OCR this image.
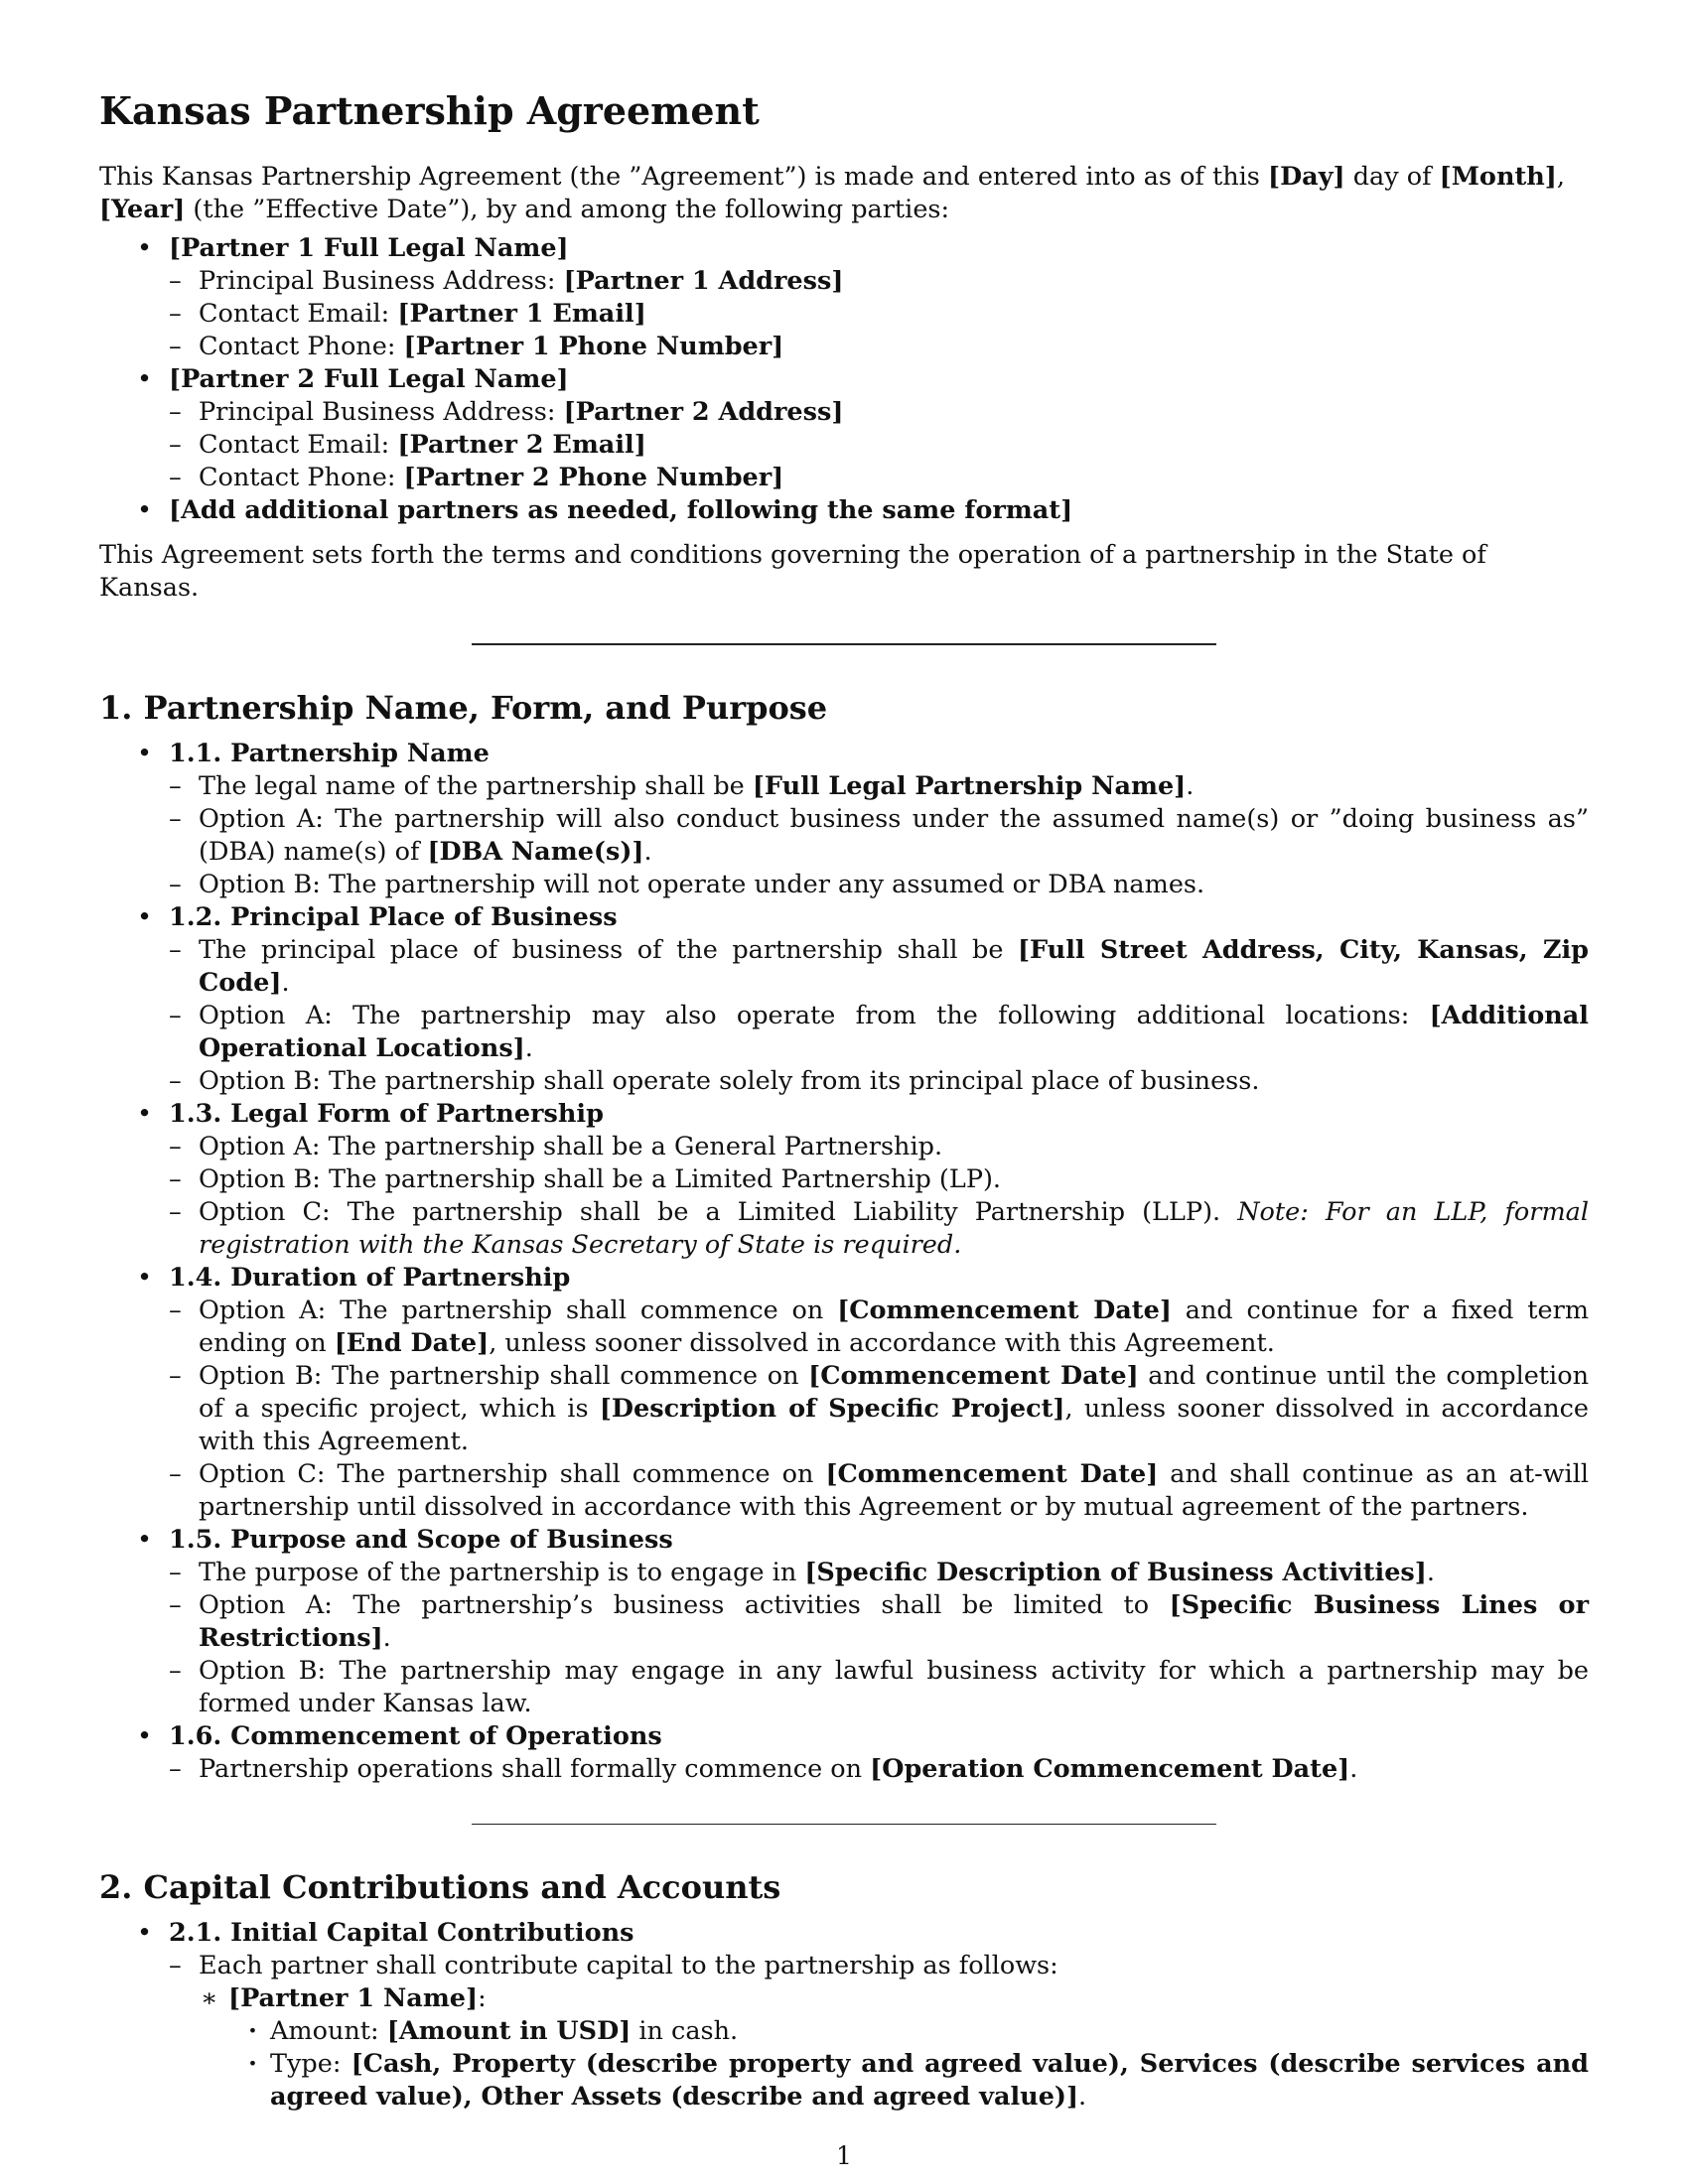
Kansas Partnership Agreement

This Kansas Partnership Agreement (the ”Agreement”) is made and entered into as of this [Day] day of [Month], [Year] (the ”Effective Date”), by and among the following parties:

• [Partner 1 Full Legal Name]
– Principal Business Address: [Partner 1 Address]
– Contact Email: [Partner 1 Email]
– Contact Phone: [Partner 1 Phone Number]
• [Partner 2 Full Legal Name]
– Principal Business Address: [Partner 2 Address]
– Contact Email: [Partner 2 Email]
– Contact Phone: [Partner 2 Phone Number]
• [Add additional partners as needed, following the same format]

This Agreement sets forth the terms and conditions governing the operation of a partnership in the State of Kansas.

1. Partnership Name, Form, and Purpose
• 1.1. Partnership Name
– The legal name of the partnership shall be [Full Legal Partnership Name].
– Option A: The partnership will also conduct business under the assumed name(s) or ”doing business as” (DBA) name(s) of [DBA Name(s)].
– Option B: The partnership will not operate under any assumed or DBA names.
• 1.2. Principal Place of Business
– The principal place of business of the partnership shall be [Full Street Address, City, Kansas, Zip Code].
– Option A: The partnership may also operate from the following additional locations: [Additional Operational Locations].
– Option B: The partnership shall operate solely from its principal place of business.
• 1.3. Legal Form of Partnership
– Option A: The partnership shall be a General Partnership.
– Option B: The partnership shall be a Limited Partnership (LP).
– Option C: The partnership shall be a Limited Liability Partnership (LLP). Note: For an LLP, formal registration with the Kansas Secretary of State is required.
• 1.4. Duration of Partnership
– Option A: The partnership shall commence on [Commencement Date] and continue for a fixed term ending on [End Date], unless sooner dissolved in accordance with this Agreement.
– Option B: The partnership shall commence on [Commencement Date] and continue until the completion of a specific project, which is [Description of Specific Project], unless sooner dissolved in accordance with this Agreement.
– Option C: The partnership shall commence on [Commencement Date] and shall continue as an at-will partnership until dissolved in accordance with this Agreement or by mutual agreement of the partners.
• 1.5. Purpose and Scope of Business
– The purpose of the partnership is to engage in [Specific Description of Business Activities].
– Option A: The partnership’s business activities shall be limited to [Specific Business Lines or Restrictions].
– Option B: The partnership may engage in any lawful business activity for which a partnership may be formed under Kansas law.
• 1.6. Commencement of Operations
– Partnership operations shall formally commence on [Operation Commencement Date].
2. Capital Contributions and Accounts
• 2.1. Initial Capital Contributions
– Each partner shall contribute capital to the partnership as follows:
∗ [Partner 1 Name]:
· Amount: [Amount in USD] in cash.
· Type: [Cash, Property (describe property and agreed value), Services (describe services and agreed value), Other Assets (describe and agreed value)].
1
